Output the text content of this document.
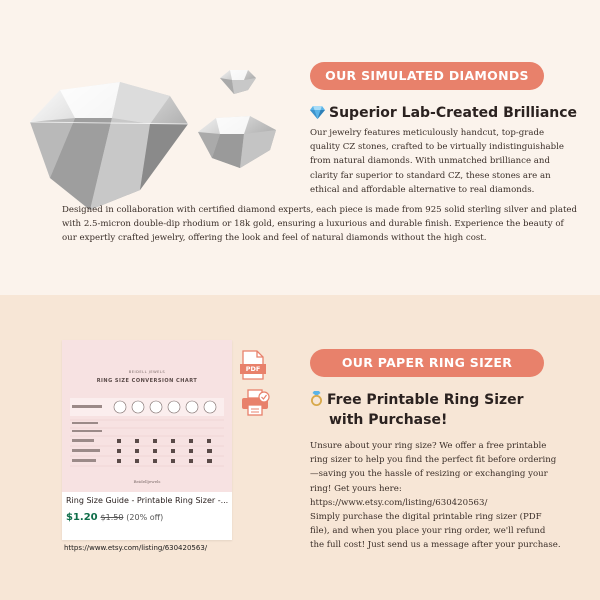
OUR SIMULATED DIAMONDS
Superior Lab-Created Brilliance
Our jewelry features meticulously handcut, top-grade
quality CZ stones, crafted to be virtually indistinguishable
from natural diamonds. With unmatched brilliance and
clarity far superior to standard CZ, these stones are an
ethical and affordable alternative to real diamonds.
Designed in collaboration with certified diamond experts, each piece is made from 925 solid sterling silver and plated
with 2.5-micron double-dip rhodium or 18k gold, ensuring a luxurious and durable finish. Experience the beauty of
our expertly crafted jewelry, offering the look and feel of natural diamonds without the high cost.
PDF	OUR PAPER RING SIZER
Free Printable Ring Sizer
with Purchase!
Unsure about your ring size? We offer a free printable
ring sizer to help you find the perfect fit before ordering
—saving you the hassle of resizing or exchanging your
ring! Get yours here:
https://www.etsy.com/listing/630420563/
Simply purchase the digital printable ring sizer (PDF
file), and when you place your ring order, we'll refund
the full cost! Just send us a message after your purchase.
BEIDELL JEWELS
RING SIZE CONVERSION CHART
Beidelljewels
Ring Size Guide - Printable Ring Sizer -...
$1.20 $1.50 (20% off)
https://www.etsy.com/listing/630420563/
